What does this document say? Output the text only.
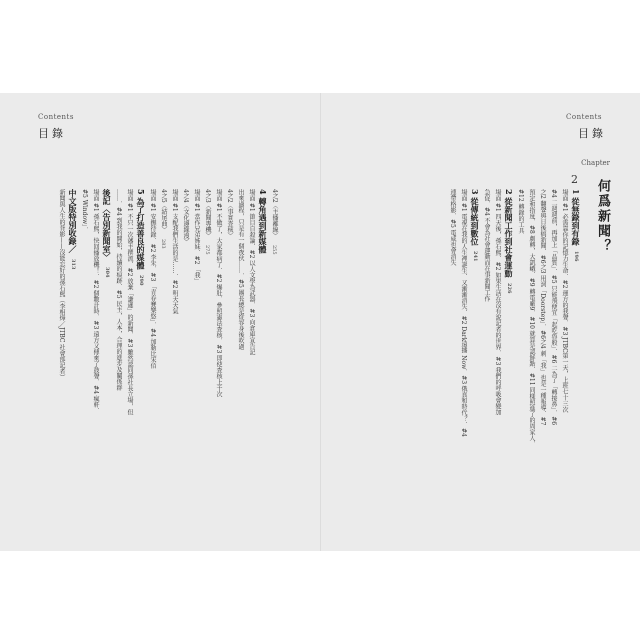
Contents
目錄
4之2〈主播離線〉255
4 轉角遇到新媒體
場面 #1 節目自殺論．#2 以人文學為武器．#3 向倉庫宣告記
出來過程，只是有一個夜伙……．#5 團長總是從容身後吹過
4之2〈事實查核〉
場面 #1 不做了，大家都病了．#2 爆肚．參照憲法查核．#3 即使查核上千次
4之3〈新聞專機〉275
場面 #1 當作兄弟姊妹．#2 「我」
4之4〈文化邊緣漫〉
場面 #1 支配我們生活的是……．#2 明天天氣
4之5〈結尾曲〉283
場面 #1 安撫待錄．#2 李朱．#3 「青春賽樂悠」．#4 加勒比宋佰
5 為了打造善良的媒體290
場面 #1 不只一次藩主撰流．#2 放棄「謙遜」的新聞．#3 雖然認同孫社長立場，但
……．#4 到我的開始，持續的痕跡．#5 民主，人本，合理的進步及關係群
後記〈告別新聞室〉304
場面 #1 孫石熙，快回播放機！．#2 個數計時．#3 遠方又傳來了鼓聲．#4 瘋軒．
#5 Window」．
中文版特別收錄／313
新聞與人生的背影——沒能忘好的孫石熙（李相燁／JTBC 社會部記者）
Contents
目錄
Chapter
2 何爲新聞？
1 從無錄到有錄196
場面 #1 必需靠你的記憶力生命．#2 運方的我聲．#3 JTBC第一天，上班七十三次
#4 二週週前，再加上「品質」．#5 只能飛便宜「起吃魯般」．#6 二為了「轉接鼻」．#6
之2 翻聲與日後搞新聞．#6之3 用詞「Doorstep」．#6之4 刺「我」也是一種報導．#7
預定和指度．#8 劇轉，大凱峨．#9 轉電廠9．#10 就算是認鮮點．#11 同樣照進了的周家人．
#12 轉錄的工具
2 從新聞工作到社會運動226
場面 #1 四天後，孫石熙．#2 如果生活在沒有說記者的世界．#3 我們的呼吸會變加
急促．#4 不會為社會運動而在事新聞工作
3 從傳統到數位241
場面 #1 電視在我的人生裡誕生、又漸漸消失．#2 Dark遠播 Now．#3 俄真和時代？．#4
連帶格影．#5 電威也會消失
